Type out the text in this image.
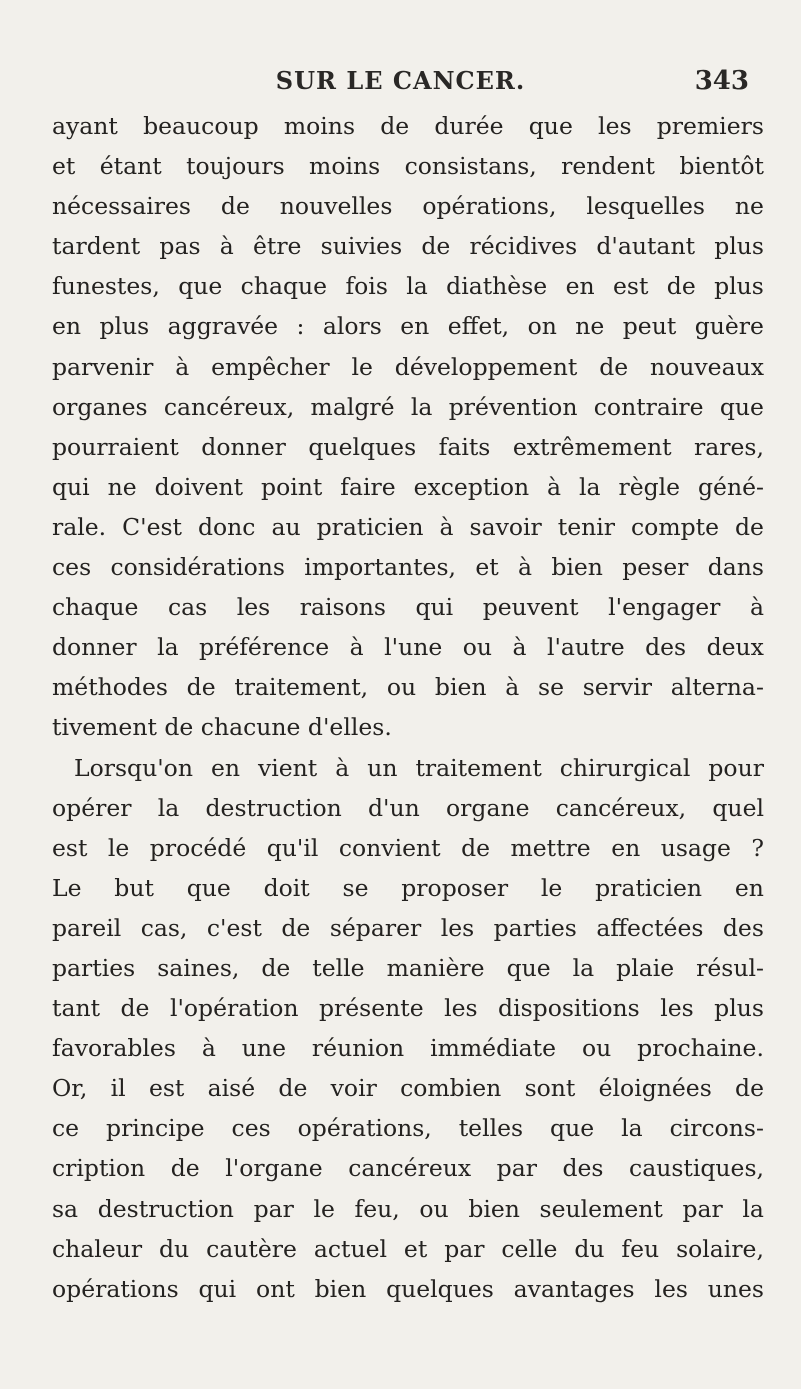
SUR LE CANCER.	343
ayant beaucoup moins de durée que les premiers
et étant toujours moins consistans, rendent bientôt
nécessaires de nouvelles opérations, lesquelles ne
tardent pas à être suivies de récidives d'autant plus
funestes, que chaque fois la diathèse en est de plus
en plus aggravée : alors en effet, on ne peut guère
parvenir à empêcher le développement de nouveaux
organes cancéreux, malgré la prévention contraire que
pourraient donner quelques faits extrêmement rares,
qui ne doivent point faire exception à la règle géné-
rale. C'est donc au praticien à savoir tenir compte de
ces considérations importantes, et à bien peser dans
chaque cas les raisons qui peuvent l'engager à
donner la préférence à l'une ou à l'autre des deux
méthodes de traitement, ou bien à se servir alterna-
tivement de chacune d'elles.
Lorsqu'on en vient à un traitement chirurgical pour
opérer la destruction d'un organe cancéreux, quel
est le procédé qu'il convient de mettre en usage ?
Le but que doit se proposer le praticien en
pareil cas, c'est de séparer les parties affectées des
parties saines, de telle manière que la plaie résul-
tant de l'opération présente les dispositions les plus
favorables à une réunion immédiate ou prochaine.
Or, il est aisé de voir combien sont éloignées de
ce principe ces opérations, telles que la circons-
cription de l'organe cancéreux par des caustiques,
sa destruction par le feu, ou bien seulement par la
chaleur du cautère actuel et par celle du feu solaire,
opérations qui ont bien quelques avantages les unes
